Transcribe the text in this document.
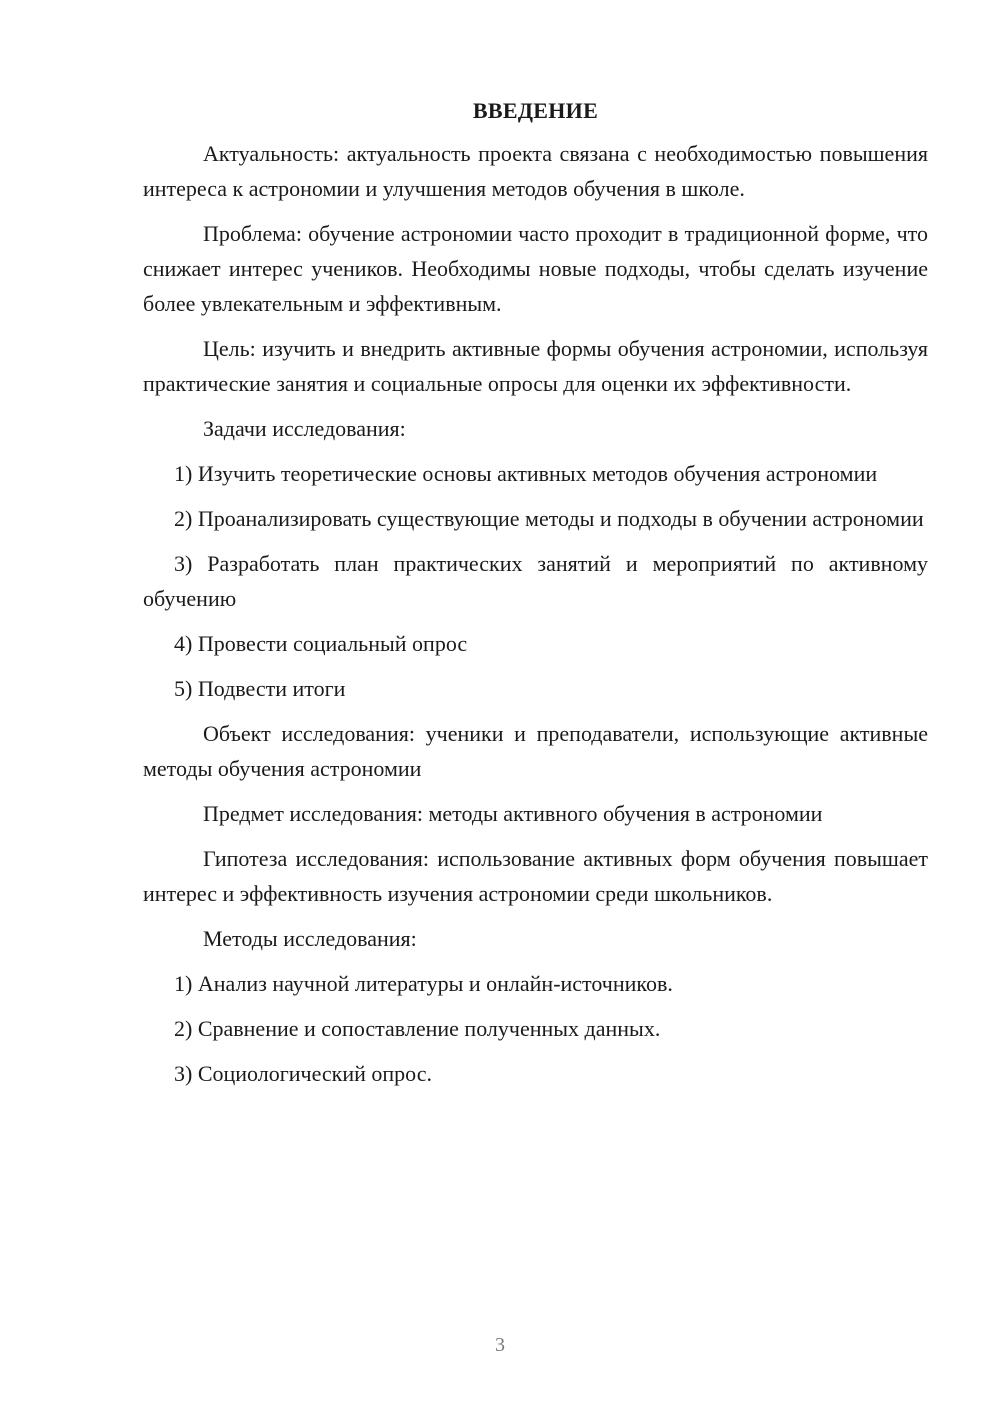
ВВЕДЕНИЕ

Актуальность: актуальность проекта связана с необходимостью повышения интереса к астрономии и улучшения методов обучения в школе.

Проблема: обучение астрономии часто проходит в традиционной форме, что снижает интерес учеников. Необходимы новые подходы, чтобы сделать изучение более увлекательным и эффективным.

Цель: изучить и внедрить активные формы обучения астрономии, используя практические занятия и социальные опросы для оценки их эффективности.

Задачи исследования:

1) Изучить теоретические основы активных методов обучения астрономии

2) Проанализировать существующие методы и подходы в обучении астрономии

3) Разработать план практических занятий и мероприятий по активному обучению

4) Провести социальный опрос

5) Подвести итоги

Объект исследования: ученики и преподаватели, использующие активные методы обучения астрономии

Предмет исследования: методы активного обучения в астрономии

Гипотеза исследования: использование активных форм обучения повышает интерес и эффективность изучения астрономии среди школьников.

Методы исследования:

1) Анализ научной литературы и онлайн-источников.

2) Сравнение и сопоставление полученных данных.

3) Социологический опрос.

3
